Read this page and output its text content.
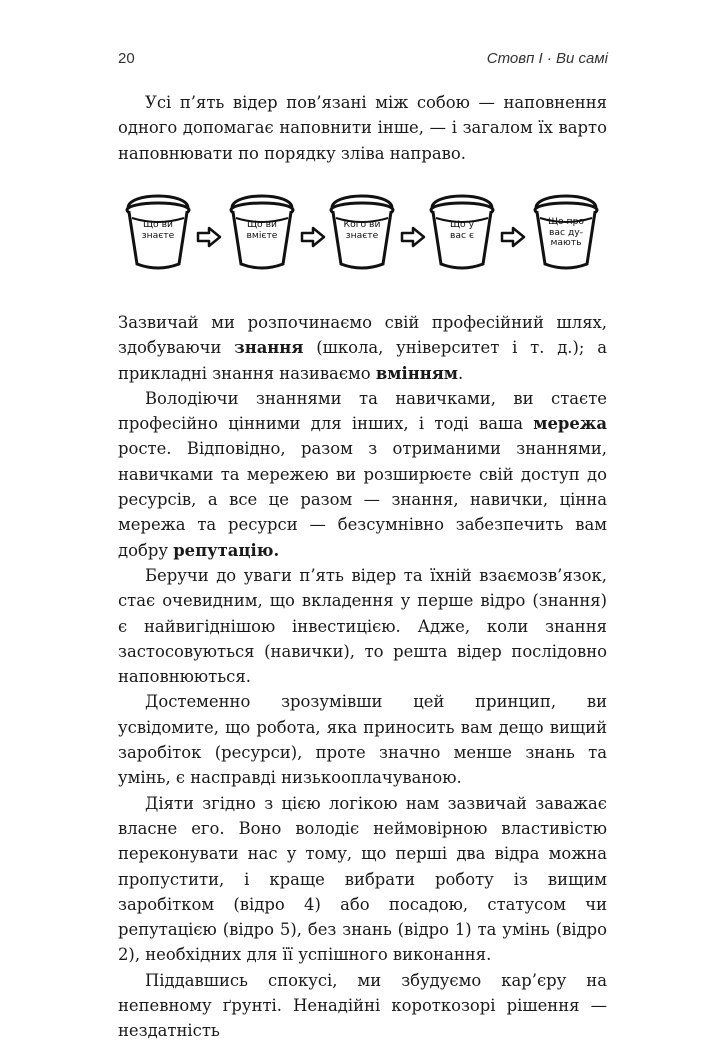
20	Стовп I · Ви самі

Усі п’ять відер пов’язані між собою — наповнення одного допомагає наповнити інше, — і загалом їх варто наповнювати по порядку зліва направо.

Що ви
знаєте
Що ви
вмієте
Кого ви
знаєте
Що у
вас є
Що про
вас ду-
мають

Зазвичай ми розпочинаємо свій професійний шлях, здобуваючи знання (школа, університет і т. д.); а прикладні знання називаємо вмінням.

Володіючи знаннями та навичками, ви стаєте професійно цінними для інших, і тоді ваша мережа росте. Відповідно, разом з отриманими знаннями, навичками та мережею ви розширюєте свій доступ до ресурсів, а все це разом — знання, навички, цінна мережа та ресурси — безсумнівно забезпечить вам добру репутацію.

Беручи до уваги п’ять відер та їхній взаємозв’язок, стає очевидним, що вкладення у перше відро (знання) є найвигіднішою інвестицією. Адже, коли знання застосовуються (навички), то решта відер послідовно наповнюються.

Достеменно зрозумівши цей принцип, ви усвідомите, що робота, яка приносить вам дещо вищий заробіток (ресурси), проте значно менше знань та умінь, є насправді низькооплачуваною.

Діяти згідно з цією логікою нам зазвичай заважає власне его. Воно володіє неймовірною властивістю переконувати нас у тому, що перші два відра можна пропустити, і краще вибрати роботу із вищим заробітком (відро 4) або посадою, статусом чи репутацією (відро 5), без знань (відро 1) та умінь (відро 2), необхідних для її успішного виконання.

Піддавшись спокусі, ми збудуємо кар’єру на непевному ґрунті. Ненадійні короткозорі рішення — нездатність
